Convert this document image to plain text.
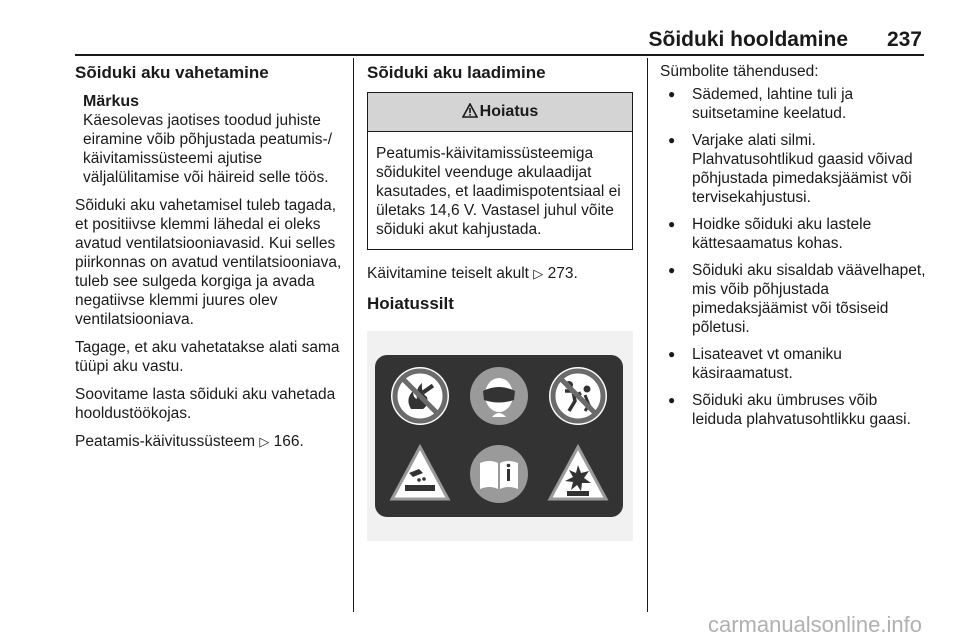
Sõiduki hooldamine 237
Sõiduki aku vahetamine
Märkus
Käesolevas jaotises toodud juhiste eiramine võib põhjustada peatumis-/ käivitamissüsteemi ajutise väljalülitamise või häireid selle töös.

Sõiduki aku vahetamisel tuleb tagada, et positiivse klemmi lähedal ei oleks avatud ventilatsiooniavasid. Kui selles piirkonnas on avatud ventilatsiooniava, tuleb see sulgeda korgiga ja avada negatiivse klemmi juures olev ventilatsiooniava.

Tagage, et aku vahetatakse alati sama tüüpi aku vastu.

Soovitame lasta sõiduki aku vahetada hooldustöökojas.

Peatamis-käivitussüsteem ▷ 166.

Sõiduki aku laadimine
Hoiatus
Peatumis-käivitamissüsteemiga sõidukitel veenduge akulaadijat kasutades, et laadimispotentsiaal ei ületaks 14,6 V. Vastasel juhul võite sõiduki akut kahjustada.

Käivitamine teiselt akult ▷ 273.

Hoiatussilt
Sümbolite tähendused:
● Sädemed, lahtine tuli ja suitsetamine keelatud.
● Varjake alati silmi. Plahvatusohtlikud gaasid võivad põhjustada pimedaksjäämist või tervisekahjustusi.
● Hoidke sõiduki aku lastele kättesaamatus kohas.
● Sõiduki aku sisaldab väävelhapet, mis võib põhjustada pimedaksjäämist või tõsiseid põletusi.
● Lisateavet vt omaniku käsiraamatust.
● Sõiduki aku ümbruses võib leiduda plahvatusohtlikku gaasi.
carmanualsonline.info
